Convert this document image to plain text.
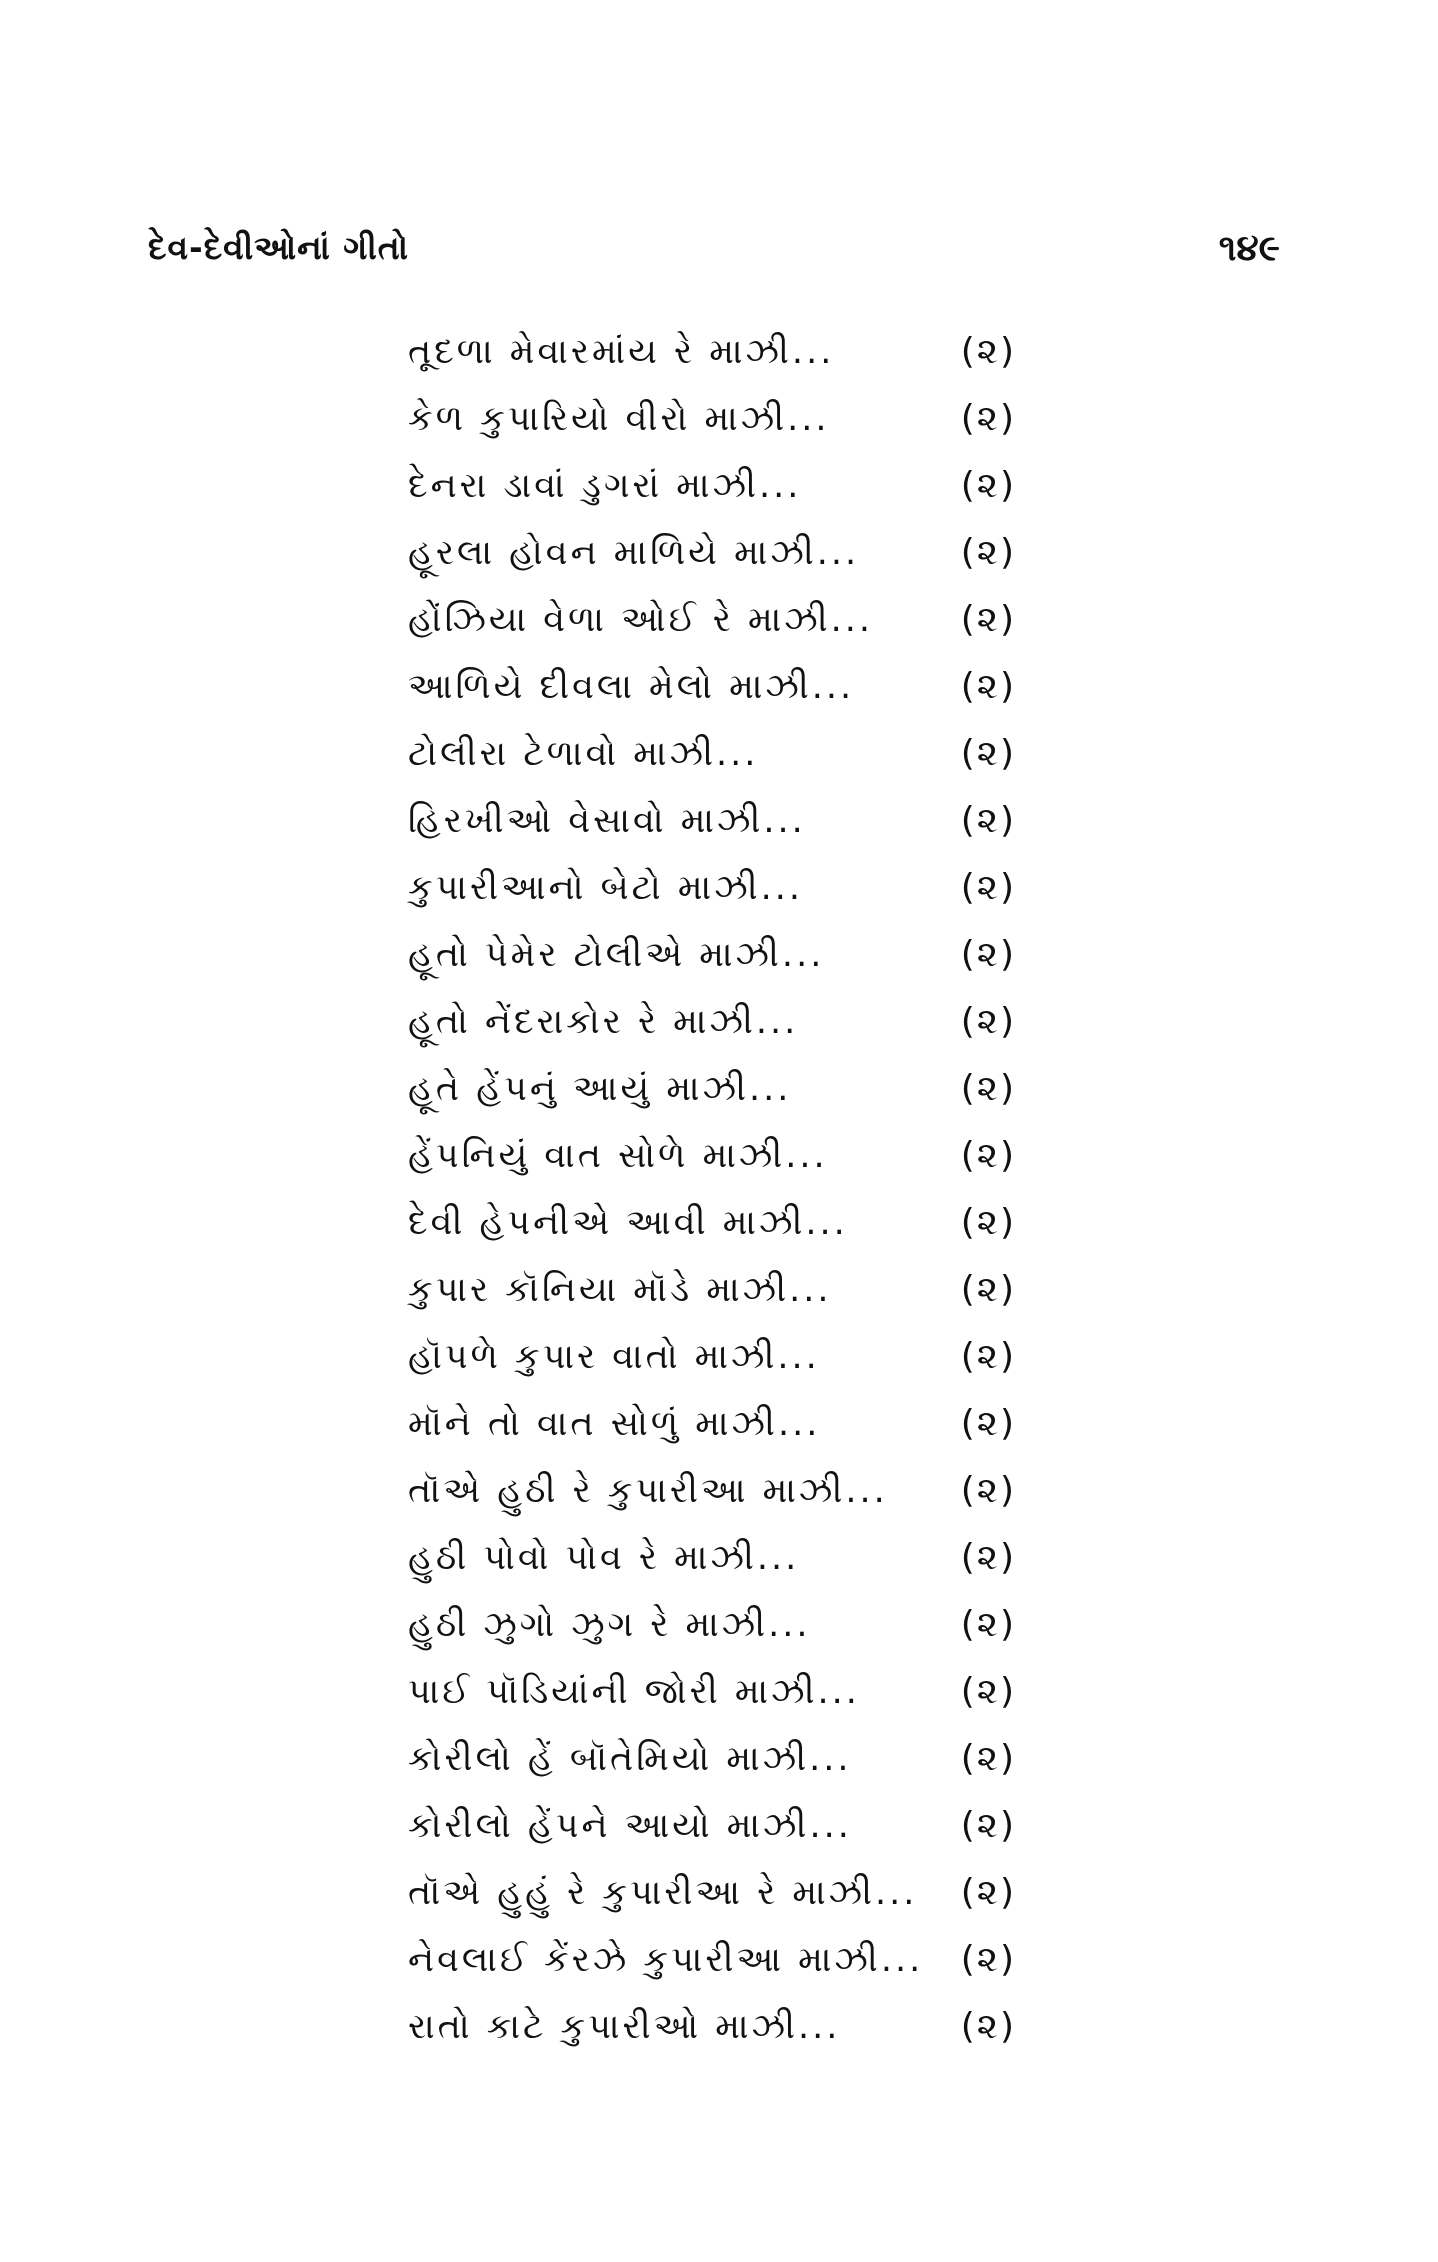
દેવ-દેવીઓનાં ગીતો	૧૪૯
તૂદળા મેવારમાંય રે માઝી...	(૨)
કેળ કુપારિયો વીરો માઝી...	(૨)
દેનરા ડાવાં ડુગરાં માઝી...	(૨)
હૂરલા હોવન માળિયે માઝી...	(૨)
હોંઝિયા વેળા ઓઈ રે માઝી... (૨)
આળિયે દીવલા મેલો માઝી...	(૨)
ટોલીરા ટેળાવો માઝી...	(૨)
હિરખીઓ વેસાવો માઝી...	(૨)
કુપારીઆનો બેટો માઝી...	(૨)
હૂતો પેમેર ટોલીએ માઝી...	(૨)
હૂતો નેંદરાકોર રે માઝી...	(૨)
હૂતે હેંપનું આયું માઝી...	(૨)
હેંપનિયું વાત સોળે માઝી...	(૨)
દેવી હેપનીએ આવી માઝી...	(૨)
કુપાર કૉનિયા મૉડે માઝી...	(૨)
હૉપળે કુપાર વાતો માઝી...	(૨)
મૉને તો વાત સોળું માઝી...	(૨)
તૉએ હુઠી રે કુપારીઆ માઝી... (૨)
હુઠી પોવો પોવ રે માઝી...	(૨)
હુઠી ઝુગો ઝુગ રે માઝી...	(૨)
પાઈ પૉડિયાંની જોરી માઝી...	(૨)
કોરીલો હેં બૉતેમિયો માઝી...	(૨)
કોરીલો હેંપને આયો માઝી...	(૨)
તૉએ હુહું રે કુપારીઆ રે માઝી... (૨)
નેવલાઈ કેંરઝે કુપારીઆ માઝી... (૨)
રાતો કાટે કુપારીઓ માઝી...	(૨)
